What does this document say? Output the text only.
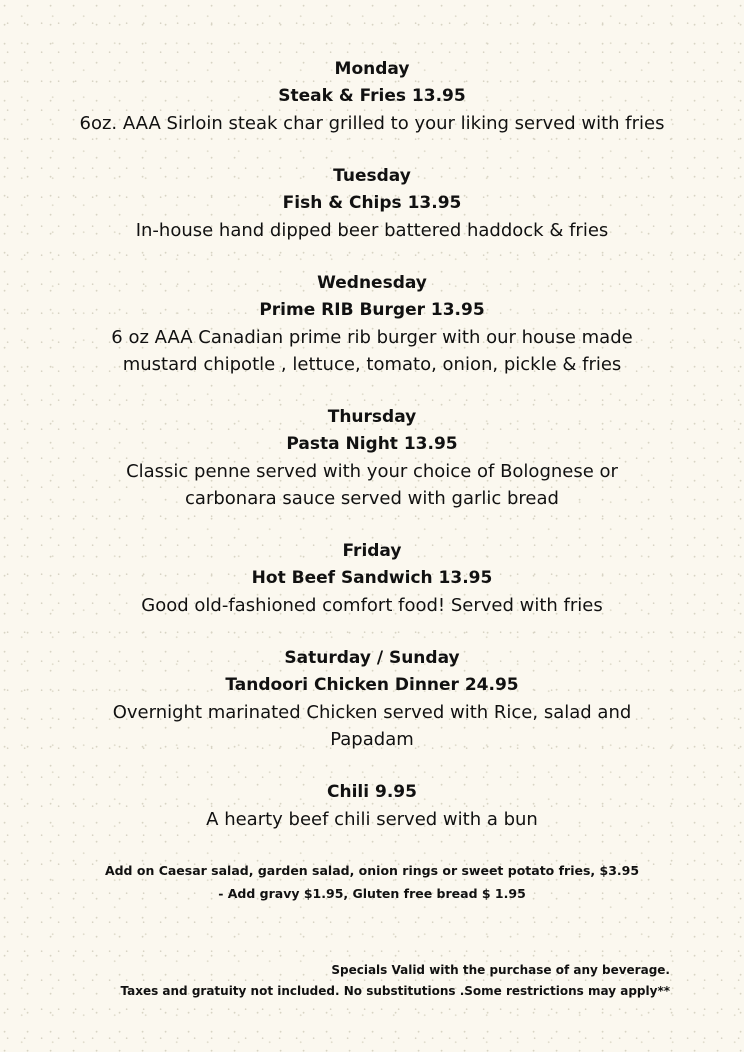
Monday
Steak & Fries 13.95
6oz. AAA Sirloin steak char grilled to your liking served with fries
Tuesday
Fish & Chips 13.95
In-house hand dipped beer battered haddock & fries
Wednesday
Prime RIB Burger 13.95
6 oz AAA Canadian prime rib burger with our house made
mustard chipotle , lettuce, tomato, onion, pickle & fries
Thursday
Pasta Night 13.95
Classic penne served with your choice of Bolognese or
carbonara sauce served with garlic bread
Friday
Hot Beef Sandwich 13.95
Good old-fashioned comfort food! Served with fries
Saturday / Sunday
Tandoori Chicken Dinner 24.95
Overnight marinated Chicken served with Rice, salad and
Papadam
Chili 9.95
A hearty beef chili served with a bun
Add on Caesar salad, garden salad, onion rings or sweet potato fries, $3.95
- Add gravy $1.95, Gluten free bread $ 1.95
Specials Valid with the purchase of any beverage.
Taxes and gratuity not included. No substitutions .Some restrictions may apply**
